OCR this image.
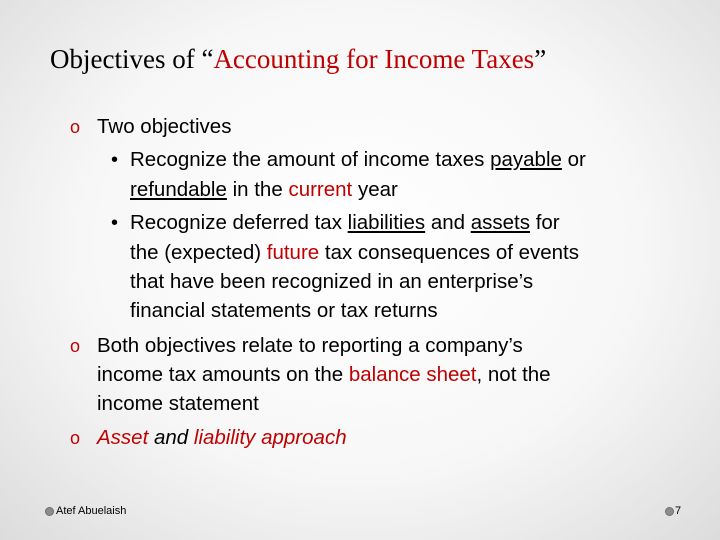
Objectives of “Accounting for Income Taxes”
o Two objectives
• Recognize the amount of income taxes payable or
refundable in the current year
• Recognize deferred tax liabilities and assets for
the (expected) future tax consequences of events
that have been recognized in an enterprise’s
financial statements or tax returns
o Both objectives relate to reporting a company’s
income tax amounts on the balance sheet, not the
income statement
o Asset and liability approach
Atef Abuelaish	7
